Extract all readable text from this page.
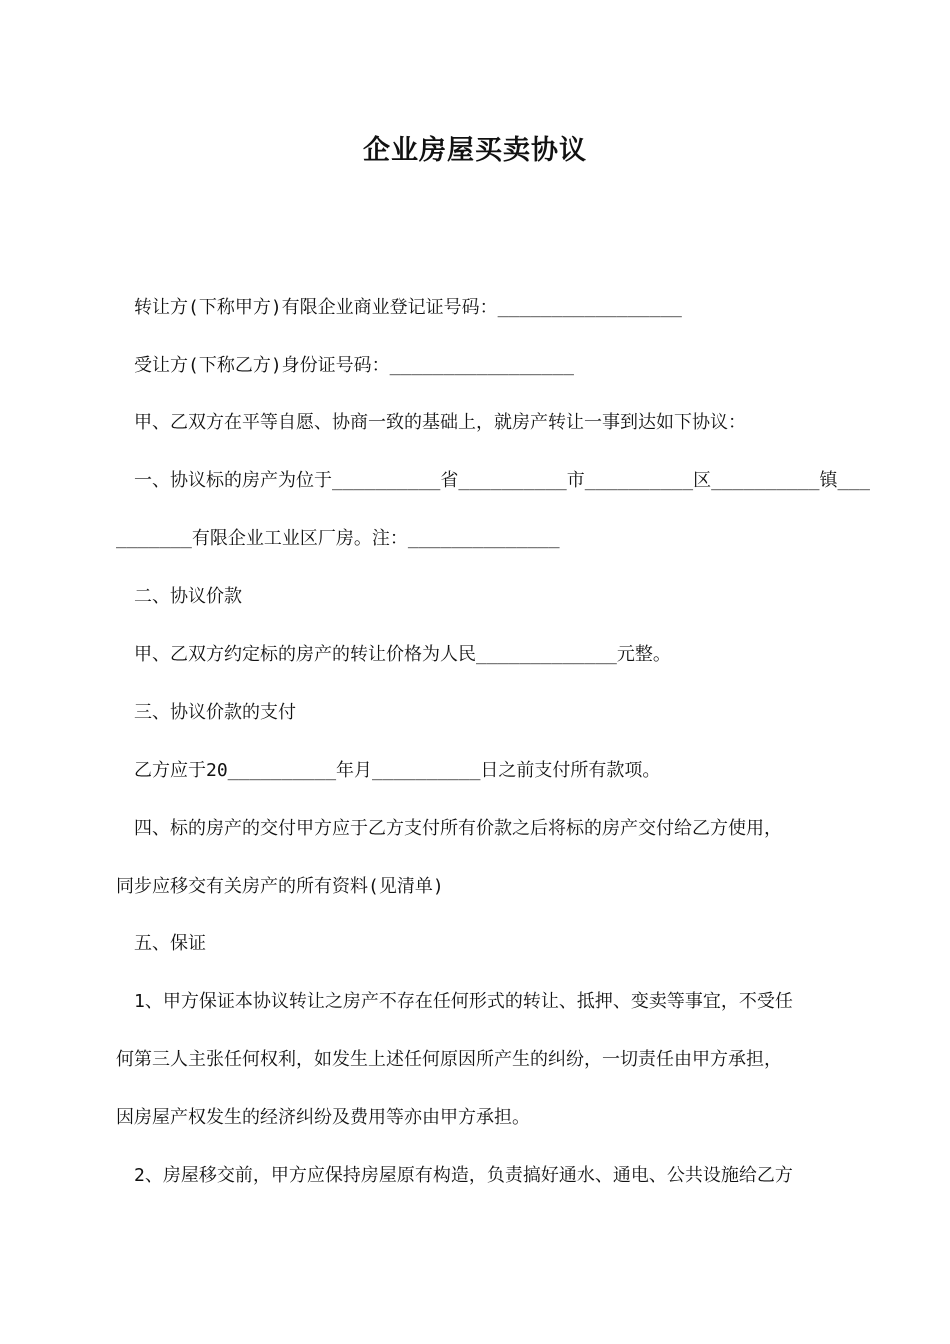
企业房屋买卖协议

转让方(下称甲方)有限企业商业登记证号码：_________________

受让方(下称乙方)身份证号码：_________________

甲、乙双方在平等自愿、协商一致的基础上，就房产转让一事到达如下协议：

一、协议标的房产为位于__________省__________市__________区__________镇___

_______有限企业工业区厂房。注：______________

二、协议价款

甲、乙双方约定标的房产的转让价格为人民_____________元整。

三、协议价款的支付

乙方应于20__________年月__________日之前支付所有款项。

四、标的房产的交付甲方应于乙方支付所有价款之后将标的房产交付给乙方使用，

同步应移交有关房产的所有资料(见清单)

五、保证

1、甲方保证本协议转让之房产不存在任何形式的转让、抵押、变卖等事宜，不受任

何第三人主张任何权利，如发生上述任何原因所产生的纠纷，一切责任由甲方承担，

因房屋产权发生的经济纠纷及费用等亦由甲方承担。

2、房屋移交前，甲方应保持房屋原有构造，负责搞好通水、通电、公共设施给乙方
